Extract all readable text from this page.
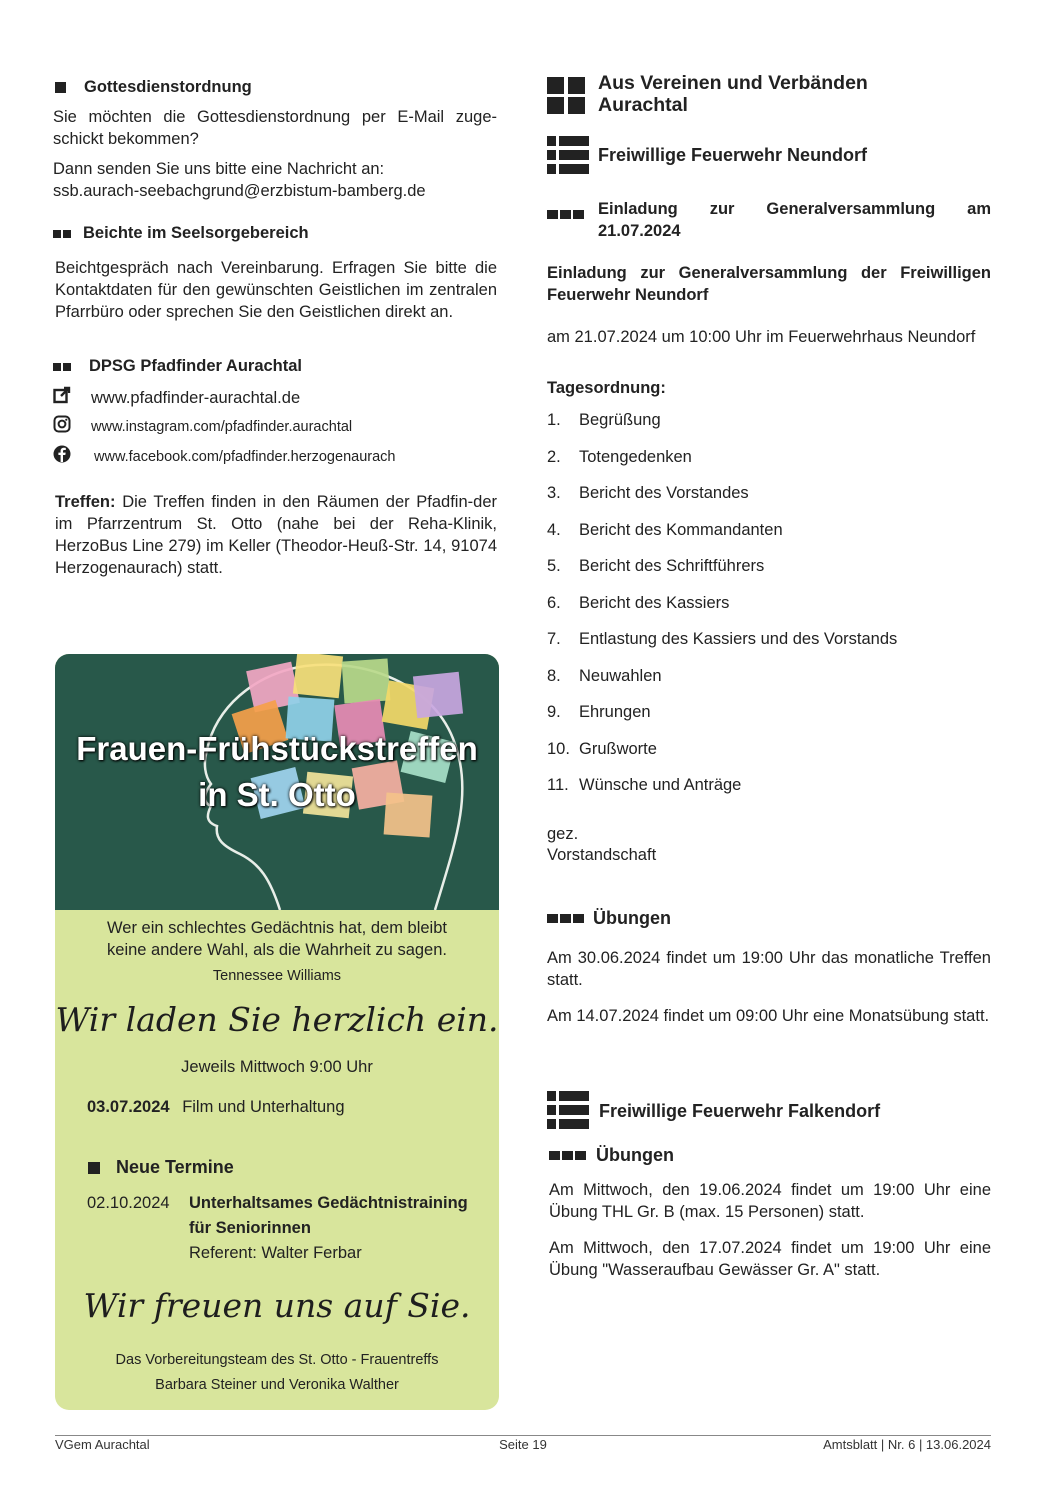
Gottesdienstordnung
Sie möchten die Gottesdienstordnung per E-Mail zuge-schickt bekommen?
Dann senden Sie uns bitte eine Nachricht an:
ssb.aurach-seebachgrund@erzbistum-bamberg.de
Beichte im Seelsorgebereich
Beichtgespräch nach Vereinbarung. Erfragen Sie bitte die Kontaktdaten für den gewünschten Geistlichen im zentralen Pfarrbüro oder sprechen Sie den Geistlichen direkt an.
DPSG Pfadfinder Aurachtal
www.pfadfinder-aurachtal.de
www.instagram.com/pfadfinder.aurachtal
www.facebook.com/pfadfinder.herzogenaurach
Treffen: Die Treffen finden in den Räumen der Pfadfin-der im Pfarrzentrum St. Otto (nahe bei der Reha-Klinik, HerzoBus Line 279) im Keller (Theodor-Heuß-Str. 14, 91074 Herzogenaurach) statt.
Frauen-Frühstückstreffen
in St. Otto
Wer ein schlechtes Gedächtnis hat, dem bleibt
keine andere Wahl, als die Wahrheit zu sagen.
Tennessee Williams
Wir laden Sie herzlich ein.
Jeweils Mittwoch 9:00 Uhr
03.07.2024 Film und Unterhaltung
Neue Termine
02.10.2024 Unterhaltsames Gedächtnistraining
für Seniorinnen
Referent: Walter Ferbar
Wir freuen uns auf Sie.
Das Vorbereitungsteam des St. Otto - Frauentreffs
Barbara Steiner und Veronika Walther
Aus Vereinen und Verbänden
Aurachtal
Freiwillige Feuerwehr Neundorf
Einladung zur Generalversammlung am
21.07.2024
Einladung zur Generalversammlung der Freiwilligen Feuerwehr Neundorf
am 21.07.2024 um 10:00 Uhr im Feuerwehrhaus Neundorf
Tagesordnung:
1.	Begrüßung
2.	Totengedenken
3.	Bericht des Vorstandes
4.	Bericht des Kommandanten
5.	Bericht des Schriftführers
6.	Bericht des Kassiers
7.	Entlastung des Kassiers und des Vorstands
8.	Neuwahlen
9.	Ehrungen
10. Grußworte
11. Wünsche und Anträge
gez.
Vorstandschaft
Übungen
Am 30.06.2024 findet um 19:00 Uhr das monatliche Treffen statt.
Am 14.07.2024 findet um 09:00 Uhr eine Monatsübung statt.
Freiwillige Feuerwehr Falkendorf
Übungen
Am Mittwoch, den 19.06.2024 findet um 19:00 Uhr eine Übung THL Gr. B (max. 15 Personen) statt.
Am Mittwoch, den 17.07.2024 findet um 19:00 Uhr eine Übung "Wasseraufbau Gewässer Gr. A" statt.
VGem Aurachtal	Seite 19	Amtsblatt | Nr. 6 | 13.06.2024
